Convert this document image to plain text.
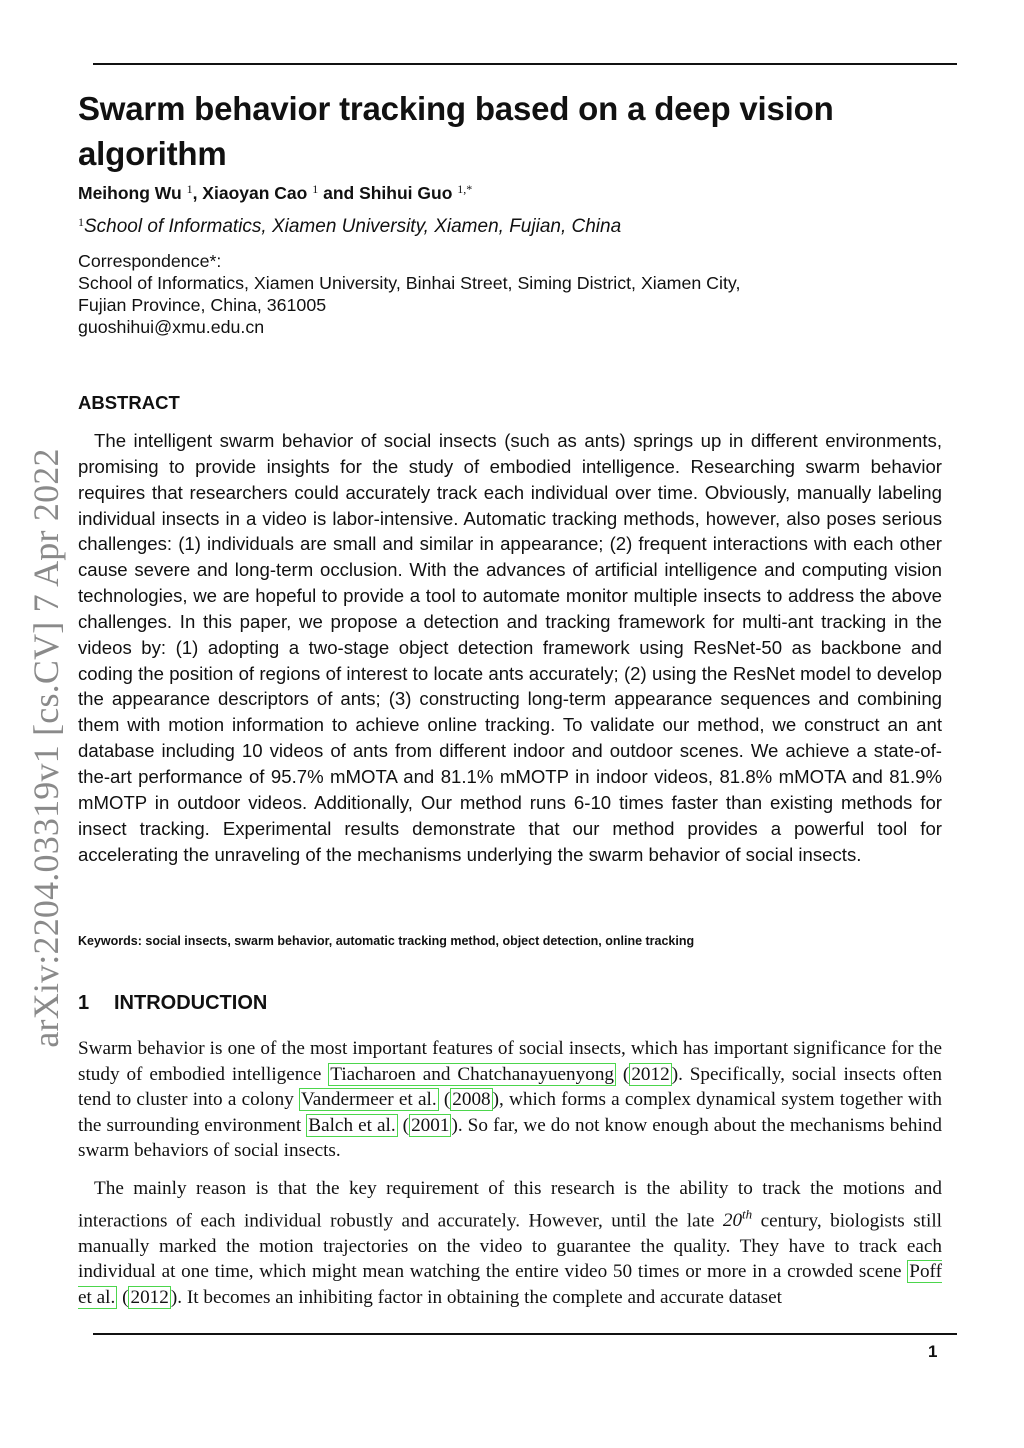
arXiv:2204.03319v1 [cs.CV] 7 Apr 2022
Swarm behavior tracking based on a deep vision algorithm
Meihong Wu $^1$, Xiaoyan Cao $^1$ and Shihui Guo $^{1,*}$
$^1$School of Informatics, Xiamen University, Xiamen, Fujian, China
Correspondence*:
School of Informatics, Xiamen University, Binhai Street, Siming District, Xiamen City,
Fujian Province, China, 361005
guoshihui@xmu.edu.cn
ABSTRACT
The intelligent swarm behavior of social insects (such as ants) springs up in different environments, promising to provide insights for the study of embodied intelligence. Researching swarm behavior requires that researchers could accurately track each individual over time. Obviously, manually labeling individual insects in a video is labor-intensive. Automatic tracking methods, however, also poses serious challenges: (1) individuals are small and similar in appearance; (2) frequent interactions with each other cause severe and long-term occlusion. With the advances of artificial intelligence and computing vision technologies, we are hopeful to provide a tool to automate monitor multiple insects to address the above challenges. In this paper, we propose a detection and tracking framework for multi-ant tracking in the videos by: (1) adopting a two-stage object detection framework using ResNet-50 as backbone and coding the position of regions of interest to locate ants accurately; (2) using the ResNet model to develop the appearance descriptors of ants; (3) constructing long-term appearance sequences and combining them with motion information to achieve online tracking. To validate our method, we construct an ant database including 10 videos of ants from different indoor and outdoor scenes. We achieve a state-of-the-art performance of 95.7% mMOTA and 81.1% mMOTP in indoor videos, 81.8% mMOTA and 81.9% mMOTP in outdoor videos. Additionally, Our method runs 6-10 times faster than existing methods for insect tracking. Experimental results demonstrate that our method provides a powerful tool for accelerating the unraveling of the mechanisms underlying the swarm behavior of social insects.
Keywords: social insects, swarm behavior, automatic tracking method, object detection, online tracking
1 INTRODUCTION
Swarm behavior is one of the most important features of social insects, which has important significance for the study of embodied intelligence Tiacharoen and Chatchanayuenyong ( 2012 ). Specifically, social insects often tend to cluster into a colony Vandermeer et al. ( 2008 ), which forms a complex dynamical system together with the surrounding environment Balch et al. ( 2001 ). So far, we do not know enough about the mechanisms behind swarm behaviors of social insects.
The mainly reason is that the key requirement of this research is the ability to track the motions and interactions of each individual robustly and accurately. However, until the late 20th century, biologists still manually marked the motion trajectories on the video to guarantee the quality. They have to track each individual at one time, which might mean watching the entire video 50 times or more in a crowded scene Poff et al. ( 2012 ). It becomes an inhibiting factor in obtaining the complete and accurate dataset
1
